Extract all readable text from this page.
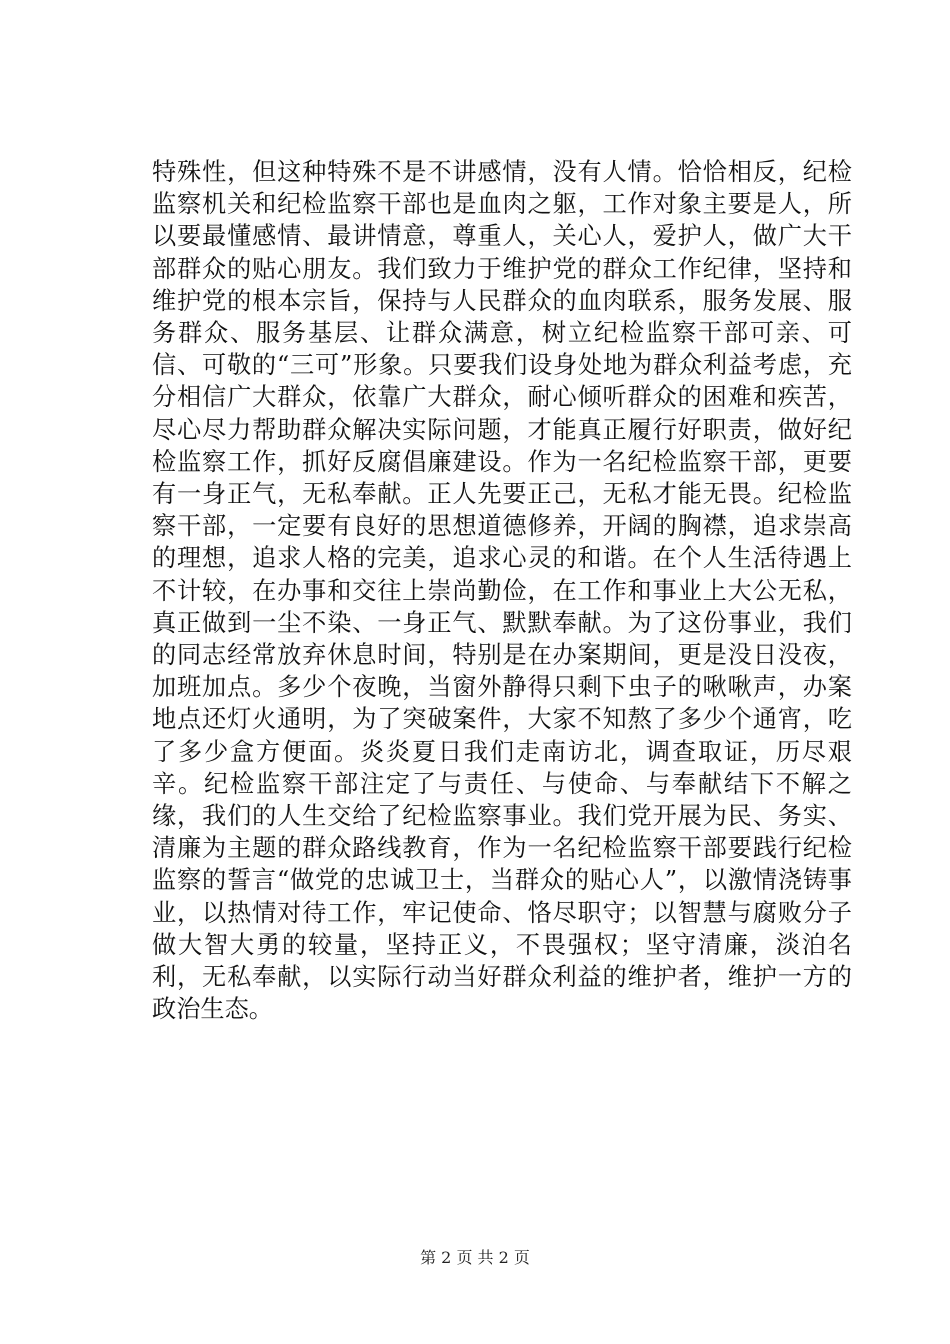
特殊性，但这种特殊不是不讲感情，没有人情。恰恰相反，纪检监察机关和纪检监察干部也是血肉之躯，工作对象主要是人，所以要最懂感情、最讲情意，尊重人，关心人，爱护人，做广大干部群众的贴心朋友。我们致力于维护党的群众工作纪律，坚持和维护党的根本宗旨，保持与人民群众的血肉联系，服务发展、服务群众、服务基层、让群众满意，树立纪检监察干部可亲、可信、可敬的“三可”形象。只要我们设身处地为群众利益考虑，充分相信广大群众，依靠广大群众，耐心倾听群众的困难和疾苦，尽心尽力帮助群众解决实际问题，才能真正履行好职责，做好纪检监察工作，抓好反腐倡廉建设。作为一名纪检监察干部，更要有一身正气，无私奉献。正人先要正己，无私才能无畏。纪检监察干部，一定要有良好的思想道德修养，开阔的胸襟，追求崇高的理想，追求人格的完美，追求心灵的和谐。在个人生活待遇上不计较，在办事和交往上崇尚勤俭，在工作和事业上大公无私，真正做到一尘不染、一身正气、默默奉献。为了这份事业，我们的同志经常放弃休息时间，特别是在办案期间，更是没日没夜，加班加点。多少个夜晚，当窗外静得只剩下虫子的啾啾声，办案地点还灯火通明，为了突破案件，大家不知熬了多少个通宵，吃了多少盒方便面。炎炎夏日我们走南访北，调查取证，历尽艰辛。纪检监察干部注定了与责任、与使命、与奉献结下不解之缘，我们的人生交给了纪检监察事业。我们党开展为民、务实、清廉为主题的群众路线教育，作为一名纪检监察干部要践行纪检监察的誓言“做党的忠诚卫士，当群众的贴心人”，以激情浇铸事业，以热情对待工作，牢记使命、恪尽职守；以智慧与腐败分子做大智大勇的较量，坚持正义，不畏强权；坚守清廉，淡泊名利，无私奉献，以实际行动当好群众利益的维护者，维护一方的政治生态。

第 2 页 共 2 页
